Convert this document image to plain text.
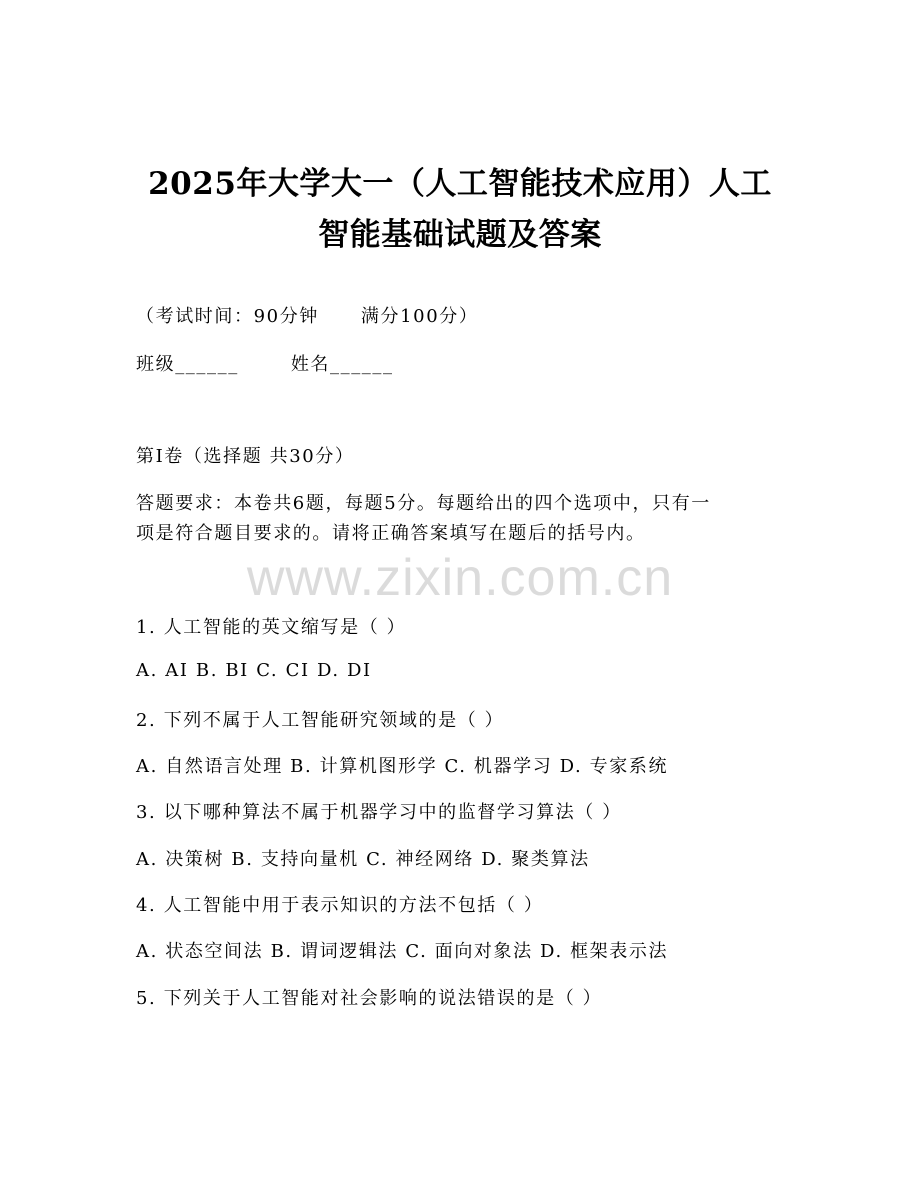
2025年大学大一（人工智能技术应用）人工
智能基础试题及答案
（考试时间：90分钟 满分100分）
班级______	姓名______
第I卷（选择题 共30分）
答题要求：本卷共6题，每题5分。每题给出的四个选项中，只有一
项是符合题目要求的。请将正确答案填写在题后的括号内。
www.zixin.com.cn
1. 人工智能的英文缩写是（ ）
A. AI B. BI C. CI D. DI
2. 下列不属于人工智能研究领域的是（ ）
A. 自然语言处理 B. 计算机图形学 C. 机器学习 D. 专家系统
3. 以下哪种算法不属于机器学习中的监督学习算法（ ）
A. 决策树 B. 支持向量机 C. 神经网络 D. 聚类算法
4. 人工智能中用于表示知识的方法不包括（ ）
A. 状态空间法 B. 谓词逻辑法 C. 面向对象法 D. 框架表示法
5. 下列关于人工智能对社会影响的说法错误的是（ ）
